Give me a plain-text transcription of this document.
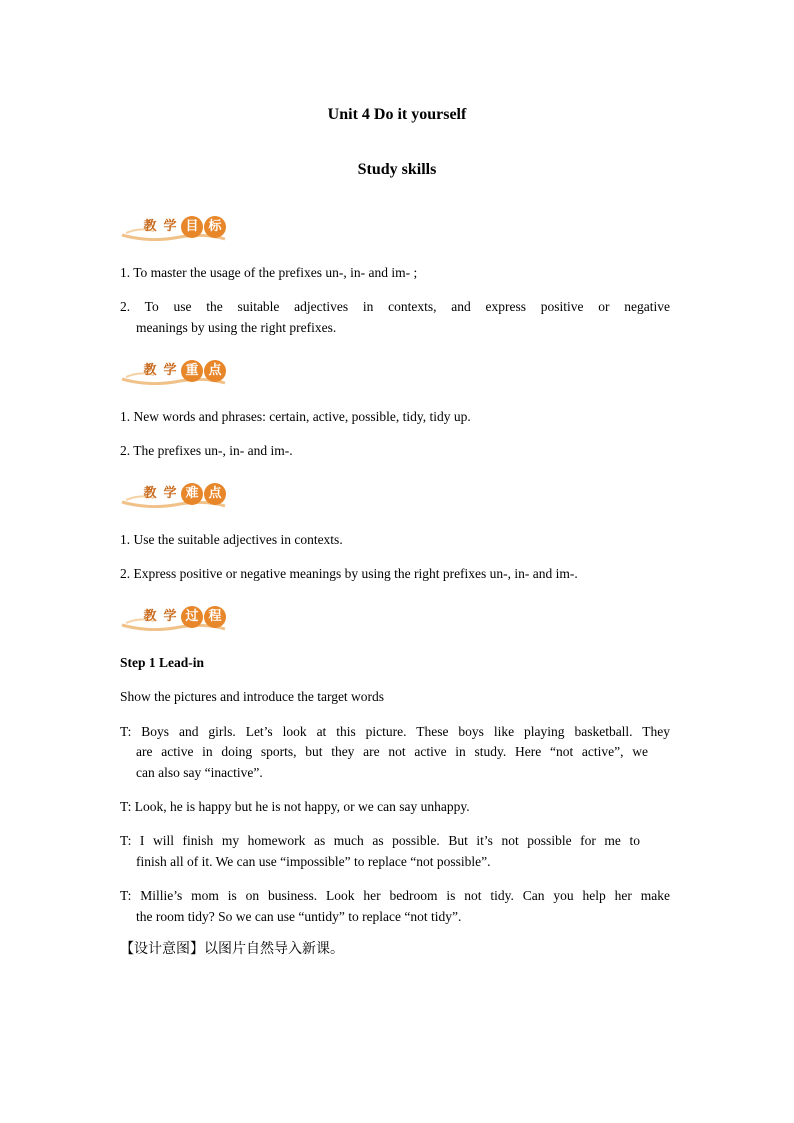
Unit 4 Do it yourself
Study skills
教 学 目 标
1. To master the usage of the prefixes un-, in- and im- ;
2. To use the suitable adjectives in contexts, and express positive or negative
meanings by using the right prefixes.
教 学 重 点
1. New words and phrases: certain, active, possible, tidy, tidy up.
2. The prefixes un-, in- and im-.
教 学 难 点
1. Use the suitable adjectives in contexts.
2. Express positive or negative meanings by using the right prefixes un-, in- and im-.
教 学 过 程
Step 1 Lead-in
Show the pictures and introduce the target words
T: Boys and girls. Let’s look at this picture. These boys like playing basketball. They
are active in doing sports, but they are not active in study. Here “not active”, we
can also say “inactive”.
T: Look, he is happy but he is not happy, or we can say unhappy.
T: I will finish my homework as much as possible. But it’s not possible for me to
finish all of it. We can use “impossible” to replace “not possible”.
T: Millie’s mom is on business. Look her bedroom is not tidy. Can you help her make
the room tidy? So we can use “untidy” to replace “not tidy”.
【设计意图】以图片自然导入新课。
